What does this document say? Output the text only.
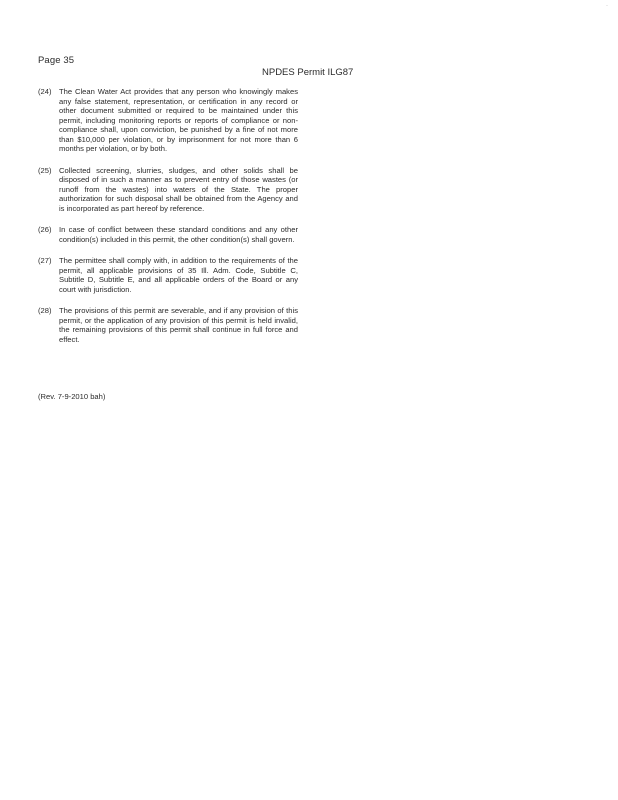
Page 35
NPDES Permit ILG87
(24) The Clean Water Act provides that any person who knowingly makes any false statement, representation, or certification in any record or other document submitted or required to be maintained under this permit, including monitoring reports or reports of compliance or non-compliance shall, upon conviction, be punished by a fine of not more than $10,000 per violation, or by imprisonment for not more than 6 months per violation, or by both.
(25) Collected screening, slurries, sludges, and other solids shall be disposed of in such a manner as to prevent entry of those wastes (or runoff from the wastes) into waters of the State. The proper authorization for such disposal shall be obtained from the Agency and is incorporated as part hereof by reference.
(26) In case of conflict between these standard conditions and any other condition(s) included in this permit, the other condition(s) shall govern.
(27) The permittee shall comply with, in addition to the requirements of the permit, all applicable provisions of 35 Ill. Adm. Code, Subtitle C, Subtitle D, Subtitle E, and all applicable orders of the Board or any court with jurisdiction.
(28) The provisions of this permit are severable, and if any provision of this permit, or the application of any provision of this permit is held invalid, the remaining provisions of this permit shall continue in full force and effect.
(Rev. 7-9-2010 bah)
·
